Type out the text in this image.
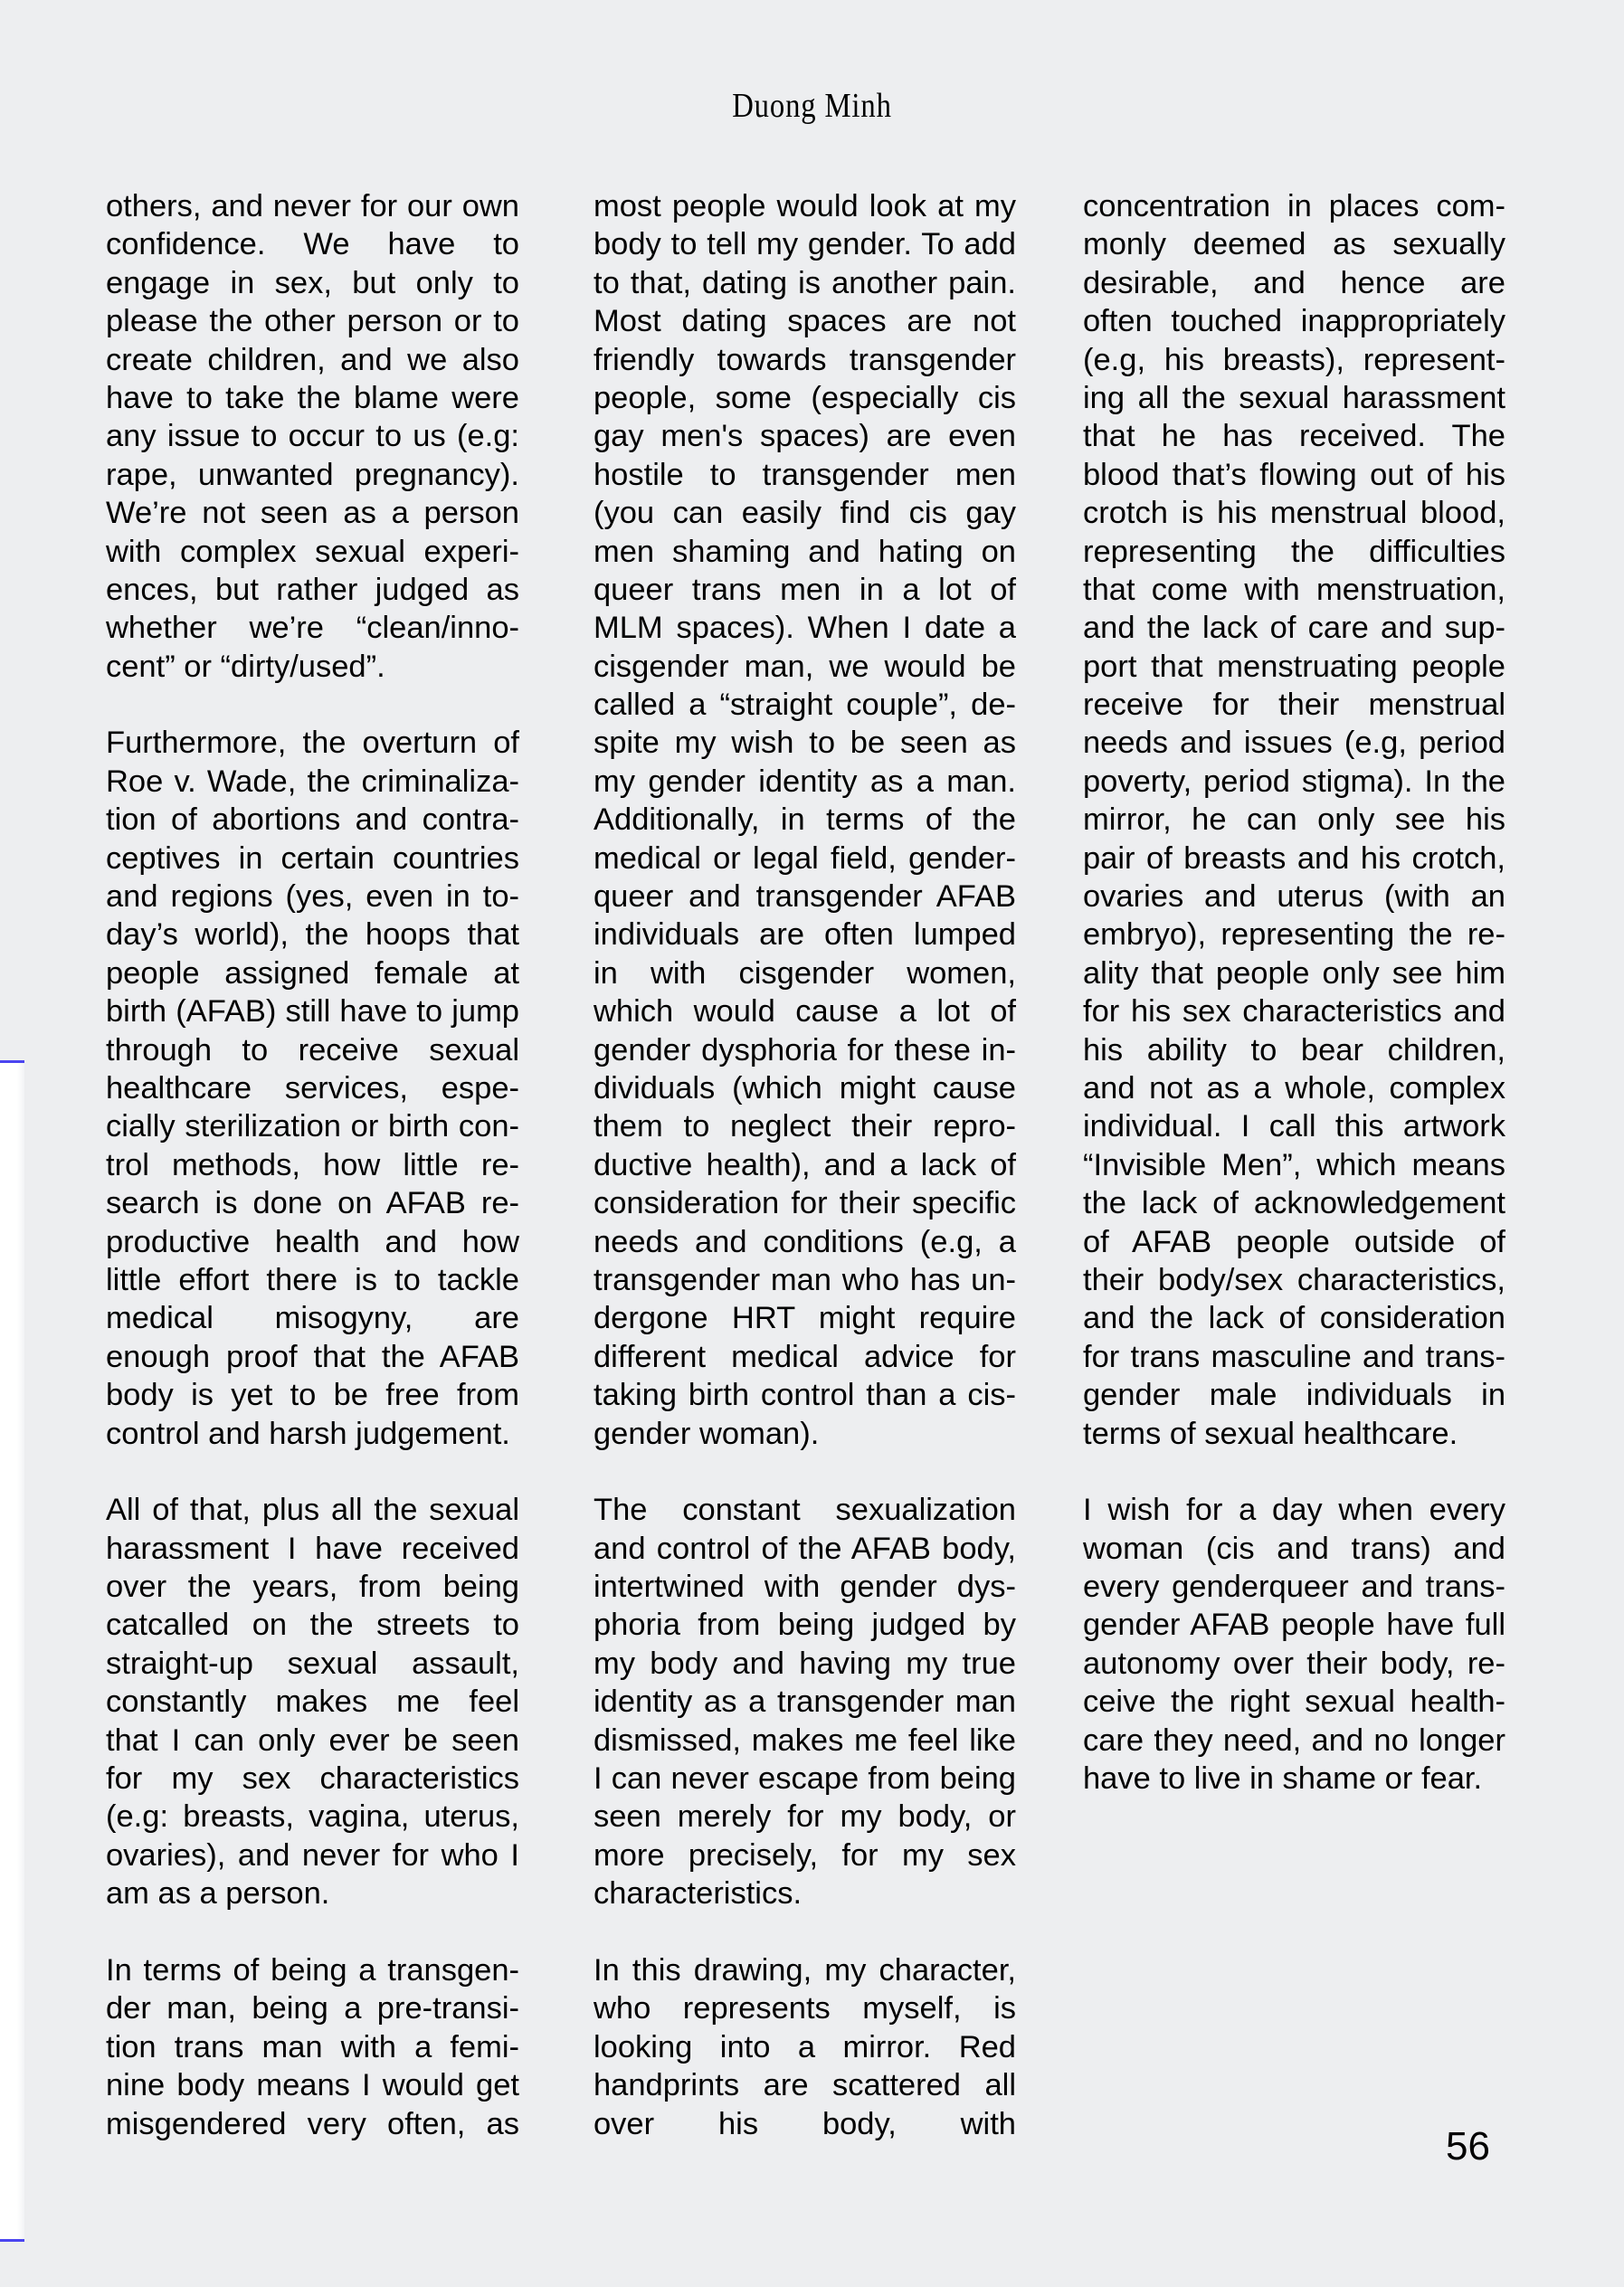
Duong Minh
others, and never for our own
confidence. We have to
engage in sex, but only to
please the other person or to
create children, and we also
have to take the blame were
any issue to occur to us (e.g:
rape, unwanted pregnancy).
We’re not seen as a person
with complex sexual experi-
ences, but rather judged as
whether we’re “clean/inno-
cent” or “dirty/used”.
Furthermore, the overturn of
Roe v. Wade, the criminaliza-
tion of abortions and contra-
ceptives in certain countries
and regions (yes, even in to-
day’s world), the hoops that
people assigned female at
birth (AFAB) still have to jump
through to receive sexual
healthcare services, espe-
cially sterilization or birth con-
trol methods, how little re-
search is done on AFAB re-
productive health and how
little effort there is to tackle
medical misogyny, are
enough proof that the AFAB
body is yet to be free from
control and harsh judgement.
All of that, plus all the sexual
harassment I have received
over the years, from being
catcalled on the streets to
straight-up sexual assault,
constantly makes me feel
that I can only ever be seen
for my sex characteristics
(e.g: breasts, vagina, uterus,
ovaries), and never for who I
am as a person.
In terms of being a transgen-
der man, being a pre-transi-
tion trans man with a femi-
nine body means I would get
misgendered very often, as
most people would look at my
body to tell my gender. To add
to that, dating is another pain.
Most dating spaces are not
friendly towards transgender
people, some (especially cis
gay men's spaces) are even
hostile to transgender men
(you can easily find cis gay
men shaming and hating on
queer trans men in a lot of
MLM spaces). When I date a
cisgender man, we would be
called a “straight couple”, de-
spite my wish to be seen as
my gender identity as a man.
Additionally, in terms of the
medical or legal field, gender-
queer and transgender AFAB
individuals are often lumped
in with cisgender women,
which would cause a lot of
gender dysphoria for these in-
dividuals (which might cause
them to neglect their repro-
ductive health), and a lack of
consideration for their specific
needs and conditions (e.g, a
transgender man who has un-
dergone HRT might require
different medical advice for
taking birth control than a cis-
gender woman).
The constant sexualization
and control of the AFAB body,
intertwined with gender dys-
phoria from being judged by
my body and having my true
identity as a transgender man
dismissed, makes me feel like
I can never escape from being
seen merely for my body, or
more precisely, for my sex
characteristics.
In this drawing, my character,
who represents myself, is
looking into a mirror. Red
handprints are scattered all
over his body, with
concentration in places com-
monly deemed as sexually
desirable, and hence are
often touched inappropriately
(e.g, his breasts), represent-
ing all the sexual harassment
that he has received. The
blood that’s flowing out of his
crotch is his menstrual blood,
representing the difficulties
that come with menstruation,
and the lack of care and sup-
port that menstruating people
receive for their menstrual
needs and issues (e.g, period
poverty, period stigma). In the
mirror, he can only see his
pair of breasts and his crotch,
ovaries and uterus (with an
embryo), representing the re-
ality that people only see him
for his sex characteristics and
his ability to bear children,
and not as a whole, complex
individual. I call this artwork
“Invisible Men”, which means
the lack of acknowledgement
of AFAB people outside of
their body/sex characteristics,
and the lack of consideration
for trans masculine and trans-
gender male individuals in
terms of sexual healthcare.
I wish for a day when every
woman (cis and trans) and
every genderqueer and trans-
gender AFAB people have full
autonomy over their body, re-
ceive the right sexual health-
care they need, and no longer
have to live in shame or fear.
56
